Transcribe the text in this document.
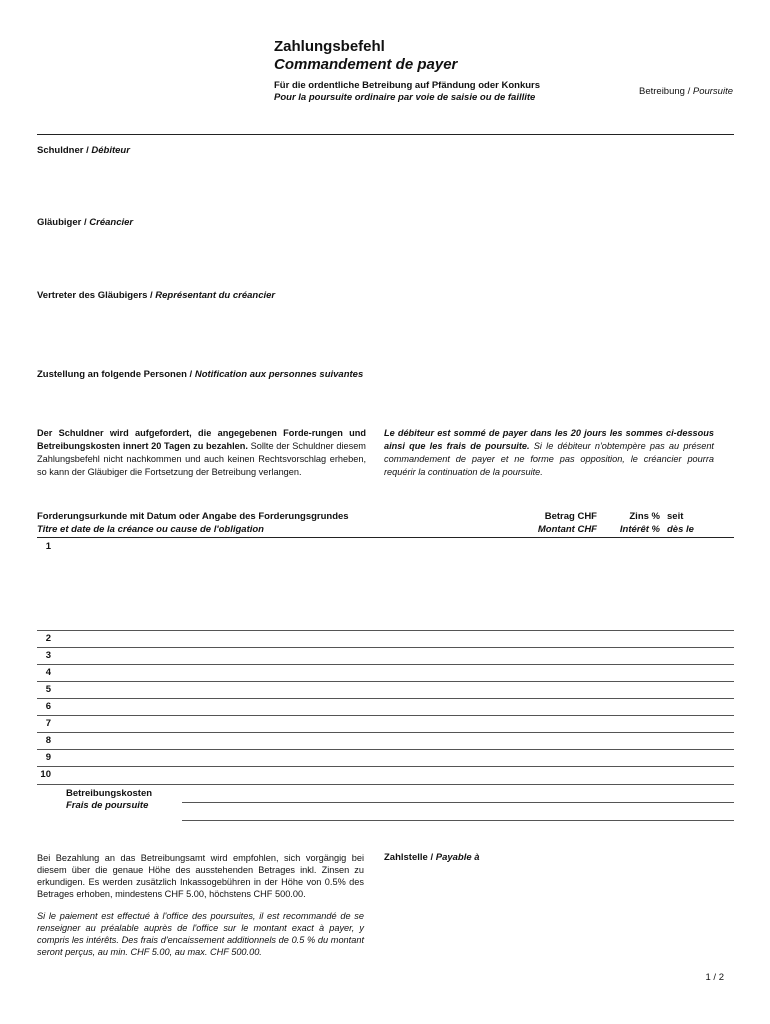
Zahlungsbefehl
Commandement de payer
Für die ordentliche Betreibung auf Pfändung oder Konkurs
Pour la poursuite ordinaire par voie de saisie ou de faillite
Betreibung / Poursuite
Schuldner / Débiteur
Gläubiger / Créancier
Vertreter des Gläubigers / Représentant du créancier
Zustellung an folgende Personen / Notification aux personnes suivantes
Der Schuldner wird aufgefordert, die angegebenen Forde-rungen und Betreibungskosten innert 20 Tagen zu bezahlen. Sollte der Schuldner diesem Zahlungsbefehl nicht nachkommen und auch keinen Rechtsvorschlag erheben, so kann der Gläubiger die Fortsetzung der Betreibung verlangen.
Le débiteur est sommé de payer dans les 20 jours les sommes ci-dessous ainsi que les frais de poursuite. Si le débiteur n'obtempère pas au présent commandement de payer et ne forme pas opposition, le créancier pourra requérir la continuation de la poursuite.
Forderungsurkunde mit Datum oder Angabe des Forderungsgrundes
Titre et date de la créance ou cause de l'obligation
Betrag CHF
Montant CHF
Zins %
Intérêt %
seit
dès le
1
2
3
4
5
6
7
8
9
10
Betreibungskosten
Frais de poursuite
Bei Bezahlung an das Betreibungsamt wird empfohlen, sich vorgängig bei diesem über die genaue Höhe des ausstehenden Betrages inkl. Zinsen zu erkundigen. Es werden zusätzlich Inkassogebühren in der Höhe von 0.5% des Betrages erhoben, mindestens CHF 5.00, höchstens CHF 500.00.
Si le paiement est effectué à l'office des poursuites, il est recommandé de se renseigner au préalable auprès de l'office sur le montant exact à payer, y compris les intérêts. Des frais d'encaissement additionnels de 0.5 % du montant seront perçus, au min. CHF 5.00, au max. CHF 500.00.
Zahlstelle / Payable à
1 / 2
